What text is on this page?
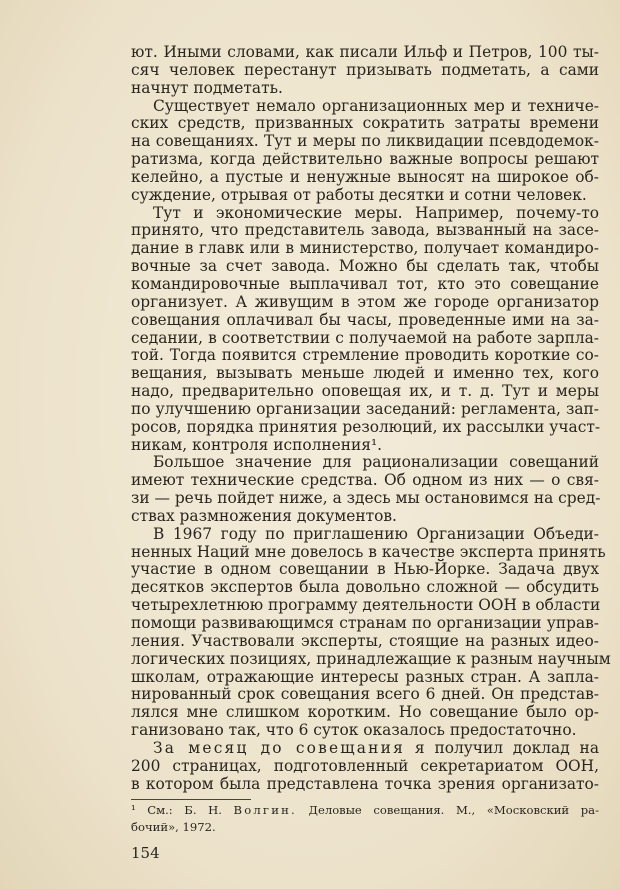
ют. Иными словами, как писали Ильф и Петров, 100 ты-
сяч человек перестанут призывать подметать, а сами
начнут подметать.
Существует немало организационных мер и техниче-
ских средств, призванных сократить затраты времени
на совещаниях. Тут и меры по ликвидации псевдодемок-
ратизма, когда действительно важные вопросы решают
келейно, а пустые и ненужные выносят на широкое об-
суждение, отрывая от работы десятки и сотни человек.
Тут и экономические меры. Например, почему-то
принято, что представитель завода, вызванный на засе-
дание в главк или в министерство, получает командиро-
вочные за счет завода. Можно бы сделать так, чтобы
командировочные выплачивал тот, кто это совещание
организует. А живущим в этом же городе организатор
совещания оплачивал бы часы, проведенные ими на за-
седании, в соответствии с получаемой на работе зарпла-
той. Тогда появится стремление проводить короткие со-
вещания, вызывать меньше людей и именно тех, кого
надо, предварительно оповещая их, и т. д. Тут и меры
по улучшению организации заседаний: регламента, зап-
росов, порядка принятия резолюций, их рассылки участ-
никам, контроля исполнения¹.
Большое значение для рационализации совещаний
имеют технические средства. Об одном из них — о свя-
зи — речь пойдет ниже, а здесь мы остановимся на сред-
ствах размножения документов.
В 1967 году по приглашению Организации Объеди-
ненных Наций мне довелось в качестве эксперта принять
участие в одном совещании в Нью-Йорке. Задача двух
десятков экспертов была довольно сложной — обсудить
четырехлетнюю программу деятельности ООН в области
помощи развивающимся странам по организации управ-
ления. Участвовали эксперты, стоящие на разных идео-
логических позициях, принадлежащие к разным научным
школам, отражающие интересы разных стран. А запла-
нированный срок совещания всего 6 дней. Он представ-
лялся мне слишком коротким. Но совещание было ор-
ганизовано так, что 6 суток оказалось предостаточно.
За месяц до совещания я получил доклад на
200 страницах, подготовленный секретариатом ООН,
в котором была представлена точка зрения организато-
¹ См.: Б. Н. Волгин. Деловые совещания. М., «Московский ра-
бочий», 1972.
154
